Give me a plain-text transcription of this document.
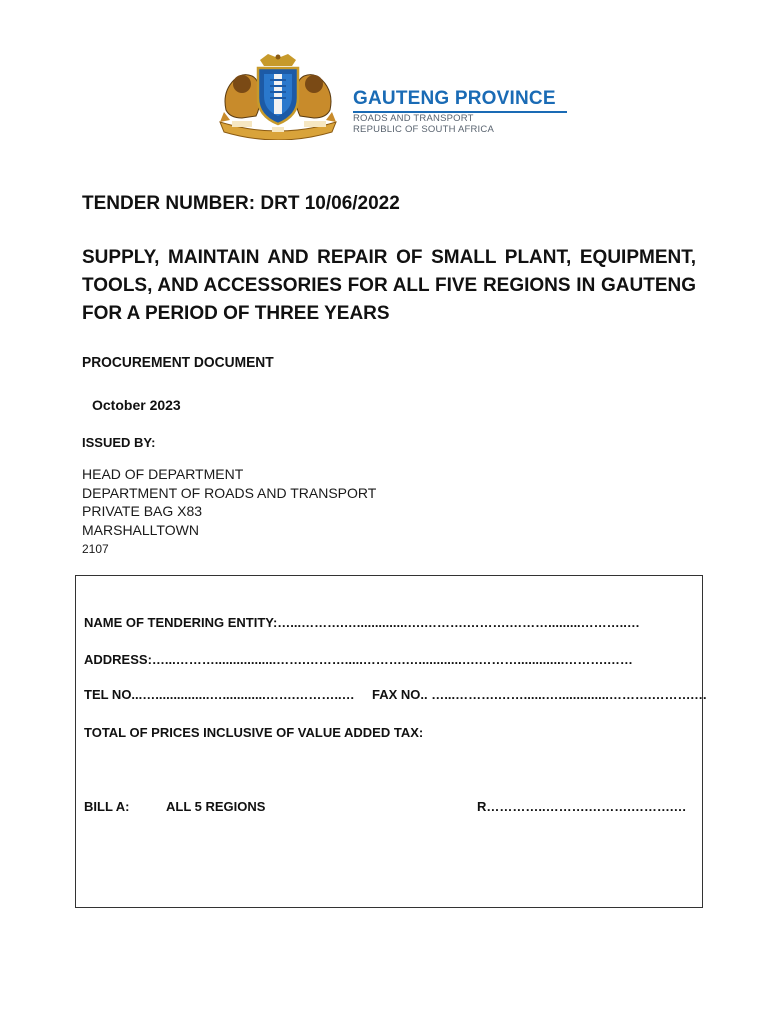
GAUTENG PROVINCE
ROADS AND TRANSPORT
REPUBLIC OF SOUTH AFRICA
TENDER NUMBER: DRT 10/06/2022
SUPPLY, MAINTAIN AND REPAIR OF SMALL PLANT, EQUIPMENT, TOOLS, AND ACCESSORIES FOR ALL FIVE REGIONS IN GAUTENG FOR A PERIOD OF THREE YEARS
PROCUREMENT DOCUMENT
October 2023
ISSUED BY:
HEAD OF DEPARTMENT
DEPARTMENT OF ROADS AND TRANSPORT
PRIVATE BAG X83
MARSHALLTOWN
2107
NAME OF TENDERING ENTITY:…...……….…..............….……….……….……….........………..…
ADDRESS:…...……….................…….……….....……….…............….……….............……….……
TEL NO...…...............…............…….………..… FAX NO.. …...……….……......…..............……….……….…
TOTAL OF PRICES INCLUSIVE OF VALUE ADDED TAX:
BILL A:	ALL 5 REGIONS	R…………..……….……….……….…
